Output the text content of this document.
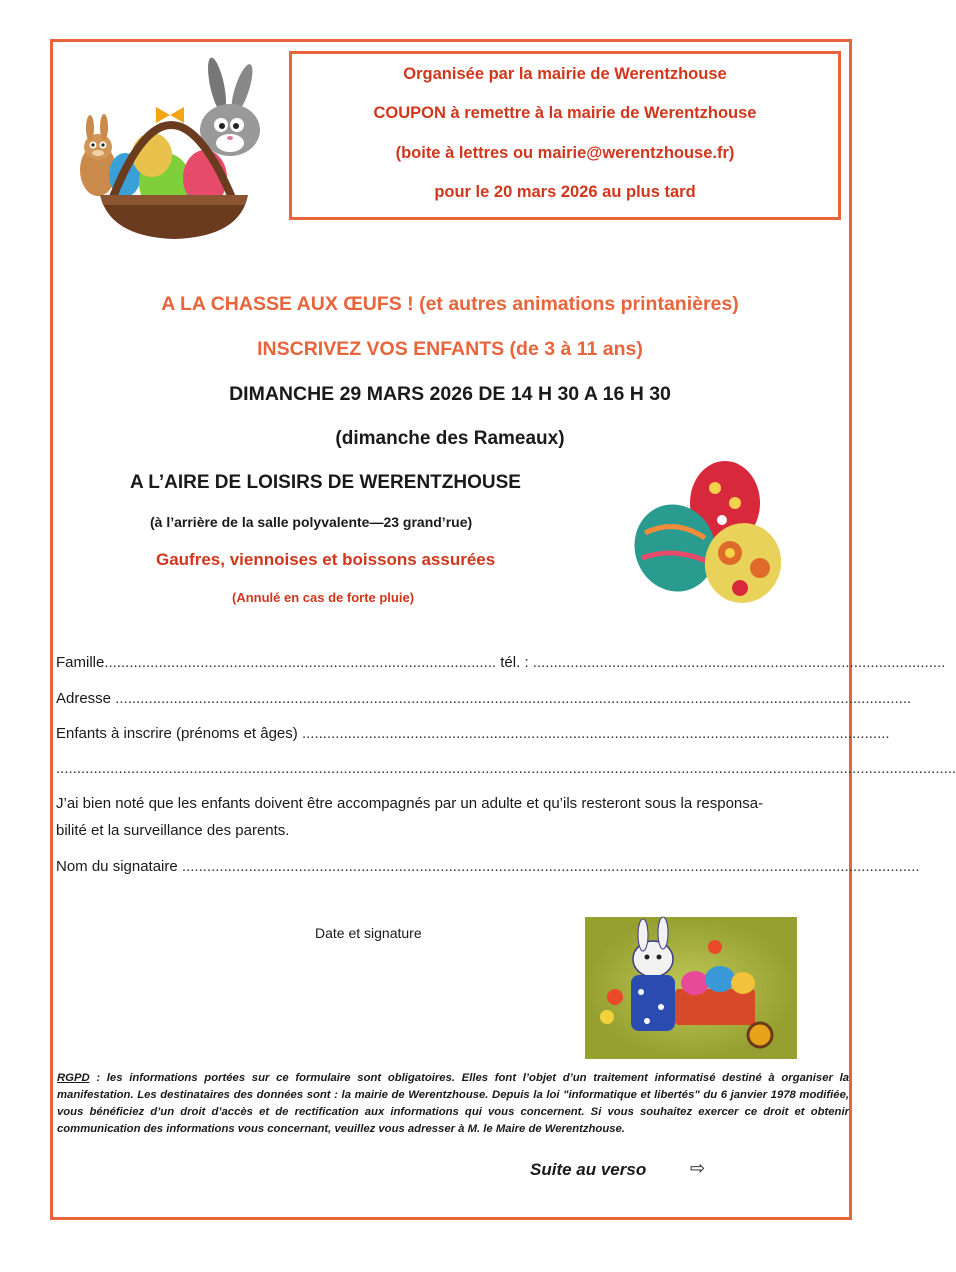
Organisée par la mairie de Werentzhouse
COUPON à remettre à la mairie de Werentzhouse
(boite à lettres ou mairie@werentzhouse.fr)
pour le 20 mars 2026 au plus tard
A LA CHASSE AUX ŒUFS ! (et autres animations printanières)
INSCRIVEZ VOS ENFANTS (de 3 à 11 ans)
DIMANCHE 29 MARS 2026 DE 14 H 30 A 16 H 30
(dimanche des Rameaux)
A L’AIRE DE LOISIRS DE WERENTZHOUSE
(à l’arrière de la salle polyvalente—23 grand’rue)
Gaufres, viennoises et boissons assurées
(Annulé en cas de forte pluie)
Famille.............................................................................................. tél. : ...................................................................................................
Adresse ...............................................................................................................................................................................................
Enfants à inscrire (prénoms et âges) .............................................................................................................................................
........................................................................................................................................................................................................................
J’ai bien noté que les enfants doivent être accompagnés par un adulte et qu’ils resteront sous la responsa-
bilité et la surveillance des parents.
Nom du signataire .................................................................................................................................................................................
Date et signature
RGPD : les informations portées sur ce formulaire sont obligatoires. Elles font l’objet d’un traitement informatisé destiné à organiser la manifestation. Les destinataires des données sont : la mairie de Werentzhouse. Depuis la loi "informatique et libertés" du 6 janvier 1978 modifiée, vous bénéficiez d’un droit d’accès et de rectification aux informations qui vous concernent. Si vous souhaitez exercer ce droit et obtenir communication des informations vous concernant, veuillez vous adresser à M. le Maire de Werentzhouse.
Suite au verso ⇨
